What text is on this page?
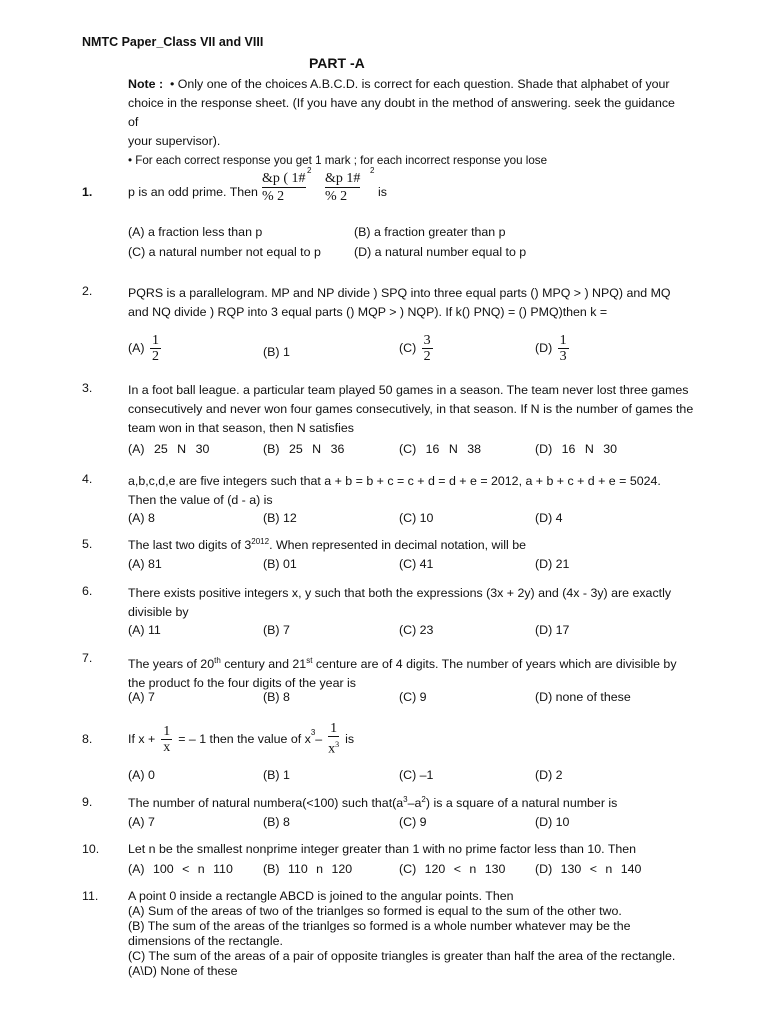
NMTC Paper_Class VII and VIII
PART -A
Note : • Only one of the choices A.B.C.D. is correct for each question. Shade that alphabet of your
choice in the response sheet. (If you have any doubt in the method of answering. seek the guidance of
your supervisor).
• For each correct response you get 1 mark ; for each incorrect response you lose
1.	p is an odd prime. Then
&p ( 1#
% 2
2
&p 1#
% 2
2
is
(A) a fraction less than p	(B) a fraction greater than p
(C) a natural number not equal to p	(D) a natural number equal to p
2.	PQRS is a parallelogram. MP and NP divide ) SPQ into three equal parts () MPQ > ) NPQ) and MQ
and NQ divide ) RQP into 3 equal parts () MQP > ) NQP). If k() PNQ) = () PMQ)then k =
$(A) \frac{1}{2}$	(B) 1	$(C) \frac{3}{2}$	$(D) \frac{1}{3}$
3.	In a foot ball league. a particular team played 50 games in a season. The team never lost three games
consecutively and never won four games consecutively, in that season. If N is the number of games the
team won in that season, then N satisfies
(A) 25 N 30	(B) 25 N 36	(C) 16 N 38	(D) 16 N 30
4.	a,b,c,d,e are five integers such that a + b = b + c = c + d = d + e = 2012, a + b + c + d + e = 5024.
Then the value of (d - a) is
(A) 8	(B) 12	(C) 10	(D) 4
5.	The last two digits of $3^{2012}$. When represented in decimal notation, will be
(A) 81	(B) 01	(C) 41	(D) 21
6.	There exists positive integers x, y such that both the expressions (3x + 2y) and (4x - 3y) are exactly
divisible by
(A) 11	(B) 7	(C) 23	(D) 17
7.	The years of 20th century and 21st centure are of 4 digits. The number of years which are divisible by
the product fo the four digits of the year is
(A) 7	(B) 8	(C) 9	(D) none of these
8.	If $x + \frac{1}{x}$ = – 1 then the value of $x^3 - \frac{1}{x^3}$ is
(A) 0	(B) 1	(C) –1	(D) 2
9.	The number of natural numbera(<100) such $that(a^3-a^2)$ is a square of a natural number is
(A) 7	(B) 8	(C) 9	(D) 10
10. Let n be the smallest nonprime integer greater than 1 with no prime factor less than 10. Then
(A) 100 < n 110 (B) 110 n 120	(C) 120 < n 130 (D) 130 < n 140
11. A point 0 inside a rectangle ABCD is joined to the angular points. Then
(A) Sum of the areas of two of the trianlges so formed is equal to the sum of the other two.
(B) The sum of the areas of the trianlges so formed is a whole number whatever may be the
dimensions of the rectangle.
(C) The sum of the areas of a pair of opposite triangles is greater than half the area of the rectangle.
(A\D) None of these
